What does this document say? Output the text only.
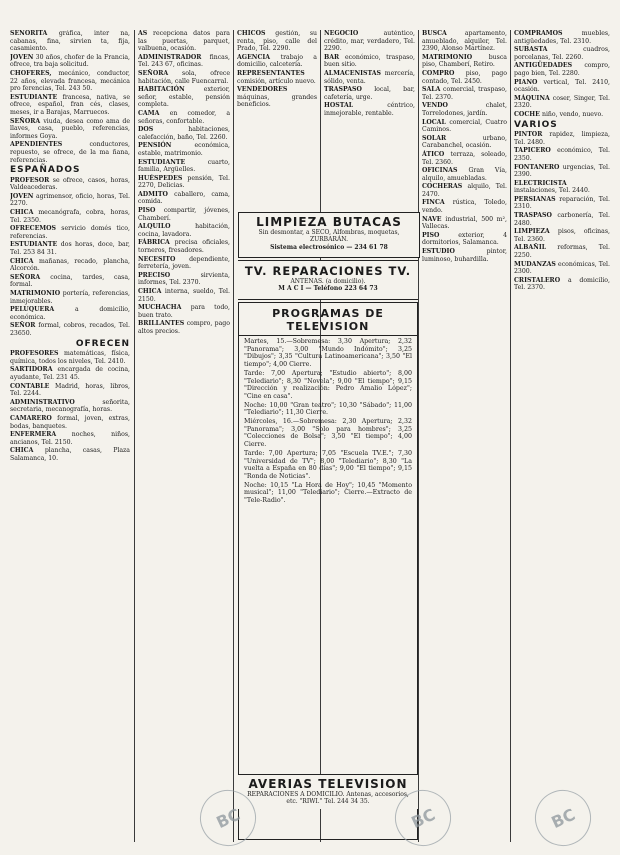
SEÑORITA gráfica, inter na, cabanas, fina, sirvien ta, fija, casamiento.

JOVEN 30 años, chofer de la Francia, ofrece, tra baja solicitud.

CHOFERES, mecánico, conductor, 22 años, elevada francesa, mecánica pro ferencias, Tel. 243 50.

ESTUDIANTE francesa, nativa, se ofrece, español, fran cés, clases, meses, ir a Barajas, Marruecos.

SEÑORA viuda, desea como ama de llaves, casa, pueblo, referencias, informes Goya.

APENDIENTES conductores, repuesto, se ofrece, de la ma ñana, referencias.

ESPAÑADOS

PROFESOR se ofrece, casos, horas, Valdeacederas.

JOVEN agrimensor, oficio, horas, Tel. 2270.

CHICA mecanógrafa, cobra, horas, Tel. 2350.

OFRECEMOS servicio domés tico, referencias.

ESTUDIANTE dos horas, doce, bar, Tel. 253 84 31.

CHICA mañanas, recado, plancha, Alcorcón.

SEÑORA cocina, tardes, casa, formal.

MATRIMONIO portería, referencias, inmejorables.

PELUQUERA a domicilio, económica.

SEÑOR formal, cobros, recados, Tel. 23650.

OFRECEN

PROFESORES matemáticas, física, química, todos los niveles, Tel. 2410.

SARTIDORA encargada de cocina, ayudante, Tel. 231 45.

CONTABLE Madrid, horas, libros, Tel. 2244.

ADMINISTRATIVO señorita, secretaria, mecanografía, horas.

CAMARERO formal, joven, extras, bodas, banquetes.

ENFERMERA noches, niños, ancianos, Tel. 2150.

CHICA plancha, casas, Plaza Salamanca, 10.

AS recepciona datos para las puertas, parquet, valbuena, ocasión.

ADMINISTRADOR fincas, Tel. 243 67, oficinas.

SEÑORA sola, ofrece habitación, calle Fuencarral.

HABITACIÓN exterior, señor, estable, pensión completa.

CAMA en comedor, a señoras, confortable.

DOS habitaciones, calefacción, baño, Tel. 2260.

PENSIÓN económica, estable, matrimonio.

ESTUDIANTE cuarto, familia, Argüelles.

HUÉSPEDES pensión, Tel. 2270, Delicias.

ADMITO caballero, cama, comida.

PISO compartir, jóvenes, Chamberí.

ALQUILO habitación, cocina, lavadora.

FÁBRICA precisa oficiales, torneros, fresadores.

NECESITO dependiente, ferretería, joven.

PRECISO sirvienta, informes, Tel. 2370.

CHICA interna, sueldo, Tel. 2150.

MUCHACHA para todo, buen trato.

BRILLANTES compro, pago altos precios.

CHICOS gestión, su renta, piso, calle del Prado, Tel. 2290.

AGENCIA trabajo a domicilio, calcetería.

REPRESENTANTES comisión, artículo nuevo.

VENDEDORES máquinas, grandes beneficios.

NEGOCIO auténtico, crédito, mar, verdadero, Tel. 2290.

BAR económico, traspaso, buen sitio.

ALMACENISTAS mercería, sólido, venta.

TRASPASO local, bar, cafetería, urge.

HOSTAL céntrico, inmejorable, rentable.

LIMPIEZA BUTACAS
Sin desmontar, a SECO, Alfombras, moquetas, ZURBARÁN.
Sistema electrosónico — 234 61 78
TV. REPARACIONES TV.
ANTENAS. (a domicilio).
M A C I — Teléfono 223 64 73
PROGRAMAS DE TELEVISION

Martes, 15.—Sobremesa: 3,30 Apertura; 2,32 "Panorama"; 3,00 "Mundo Indómito"; 3,25 "Dibujos"; 3,35 "Cultura Latinoamericana"; 3,50 "El tiempo"; 4,00 Cierre.

Tarde: 7,00 Apertura; "Estudio abierto"; 8,00 "Telediario"; 8,30 "Novela"; 9,00 "El tiempo"; 9,15 "Dirección y realización: Pedro Amalio López"; "Cine en casa".

Noche: 10,00 "Gran teatro"; 10,30 "Sábado"; 11,00 "Telediario"; 11,30 Cierre.

Miércoles, 16.—Sobremesa: 2,30 Apertura; 2,32 "Panorama"; 3,00 "Solo para hombres"; 3,25 "Colecciones de Bolsa"; 3,50 "El tiempo"; 4,00 Cierre.

Tarde: 7,00 Apertura; 7,05 "Escuela TV.E."; 7,30 "Universidad de TV"; 8,00 "Telediario"; 8,30 "La vuelta a España en 80 días"; 9,00 "El tiempo"; 9,15 "Ronda de Noticias".

Noche: 10,15 "La Hora de Hoy"; 10,45 "Momento musical"; 11,00 "Telediario"; Cierre.—Extracto de "Tele-Radio".

AVERIAS TELEVISION
REPARACIONES A DOMICILIO. Antenas, accesorios, etc. "RIWI." Tel. 244 34 35.

BUSCA apartamento, amueblado, alquiler, Tel. 2390, Alonso Martínez.

MATRIMONIO busca piso, Chamberí, Retiro.

COMPRO piso, pago contado, Tel. 2450.

SALA comercial, traspaso, Tel. 2370.

VENDO chalet, Torrelodones, jardín.

LOCAL comercial, Cuatro Caminos.

SOLAR urbano, Carabanchel, ocasión.

ÁTICO terraza, soleado, Tel. 2360.

OFICINAS Gran Vía, alquilo, amuebladas.

COCHERAS alquilo, Tel. 2470.

FINCA rústica, Toledo, vendo.

NAVE industrial, 500 m², Vallecas.

PISO exterior, 4 dormitorios, Salamanca.

ESTUDIO pintor, luminoso, buhardilla.

COMPRAMOS muebles, antigüedades, Tel. 2310.

SUBASTA cuadros, porcelanas, Tel. 2260.

ANTIGÜEDADES compro, pago bien, Tel. 2280.

PIANO vertical, Tel. 2410, ocasión.

MÁQUINA coser, Singer, Tel. 2320.

COCHE niño, vendo, nuevo.

VARIOS

PINTOR rapidez, limpieza, Tel. 2480.

TAPICERO económico, Tel. 2350.

FONTANERO urgencias, Tel. 2390.

ELECTRICISTA instalaciones, Tel. 2440.

PERSIANAS reparación, Tel. 2310.

TRASPASO carbonería, Tel. 2480.

LIMPIEZA pisos, oficinas, Tel. 2360.

ALBAÑIL reformas, Tel. 2250.

MUDANZAS económicas, Tel. 2300.

CRISTALERO a domicilio, Tel. 2370.

BC	BC	BC
